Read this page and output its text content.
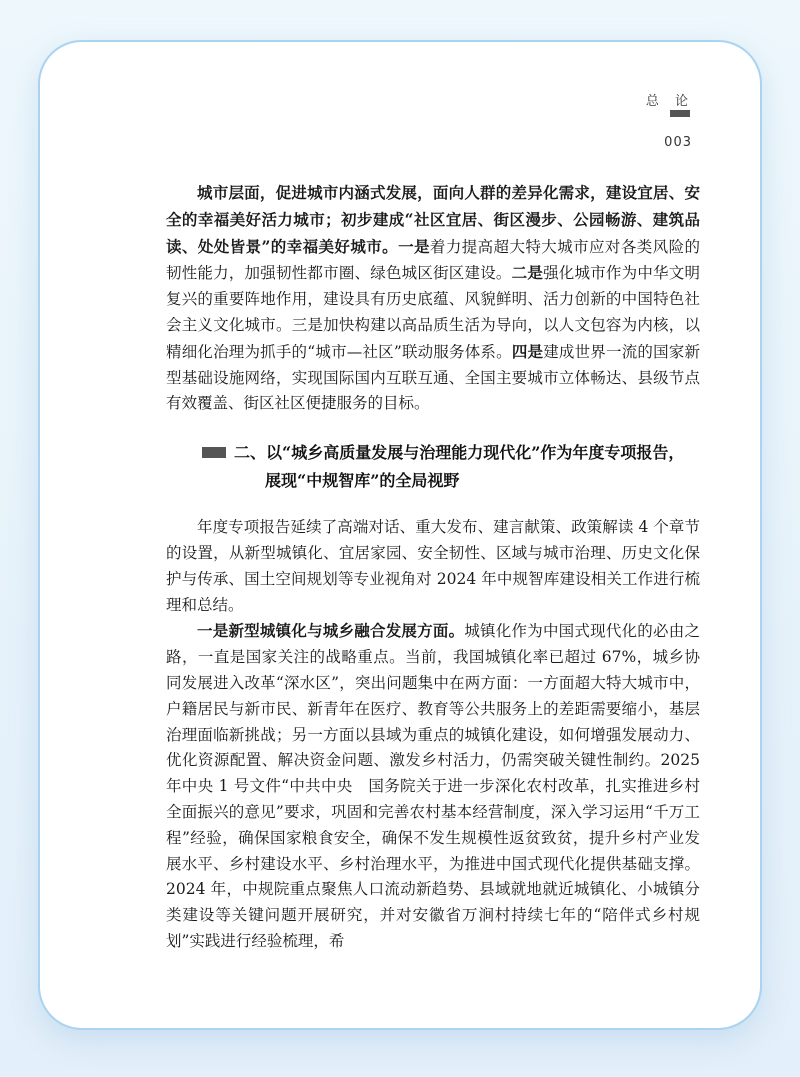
总 论
003

城市层面，促进城市内涵式发展，面向人群的差异化需求，建设宜居、安全的幸福美好活力城市；初步建成“社区宜居、街区漫步、公园畅游、建筑品读、处处皆景”的幸福美好城市。一是着力提高超大特大城市应对各类风险的韧性能力，加强韧性都市圈、绿色城区街区建设。二是强化城市作为中华文明复兴的重要阵地作用，建设具有历史底蕴、风貌鲜明、活力创新的中国特色社会主义文化城市。三是加快构建以高品质生活为导向，以人文包容为内核，以精细化治理为抓手的“城市—社区”联动服务体系。四是建成世界一流的国家新型基础设施网络，实现国际国内互联互通、全国主要城市立体畅达、县级节点有效覆盖、街区社区便捷服务的目标。

二、以“城乡高质量发展与治理能力现代化”作为年度专项报告，
展现“中规智库”的全局视野

年度专项报告延续了高端对话、重大发布、建言献策、政策解读 4 个章节的设置，从新型城镇化、宜居家园、安全韧性、区域与城市治理、历史文化保护与传承、国土空间规划等专业视角对 2024 年中规智库建设相关工作进行梳理和总结。

一是新型城镇化与城乡融合发展方面。城镇化作为中国式现代化的必由之路，一直是国家关注的战略重点。当前，我国城镇化率已超过 67%，城乡协同发展进入改革“深水区”，突出问题集中在两方面：一方面超大特大城市中，户籍居民与新市民、新青年在医疗、教育等公共服务上的差距需要缩小，基层治理面临新挑战；另一方面以县域为重点的城镇化建设，如何增强发展动力、优化资源配置、解决资金问题、激发乡村活力，仍需突破关键性制约。2025 年中央 1 号文件“中共中央　国务院关于进一步深化农村改革，扎实推进乡村全面振兴的意见”要求，巩固和完善农村基本经营制度，深入学习运用“千万工程”经验，确保国家粮食安全，确保不发生规模性返贫致贫，提升乡村产业发展水平、乡村建设水平、乡村治理水平，为推进中国式现代化提供基础支撑。2024 年，中规院重点聚焦人口流动新趋势、县域就地就近城镇化、小城镇分类建设等关键问题开展研究，并对安徽省万涧村持续七年的“陪伴式乡村规划”实践进行经验梳理，希
